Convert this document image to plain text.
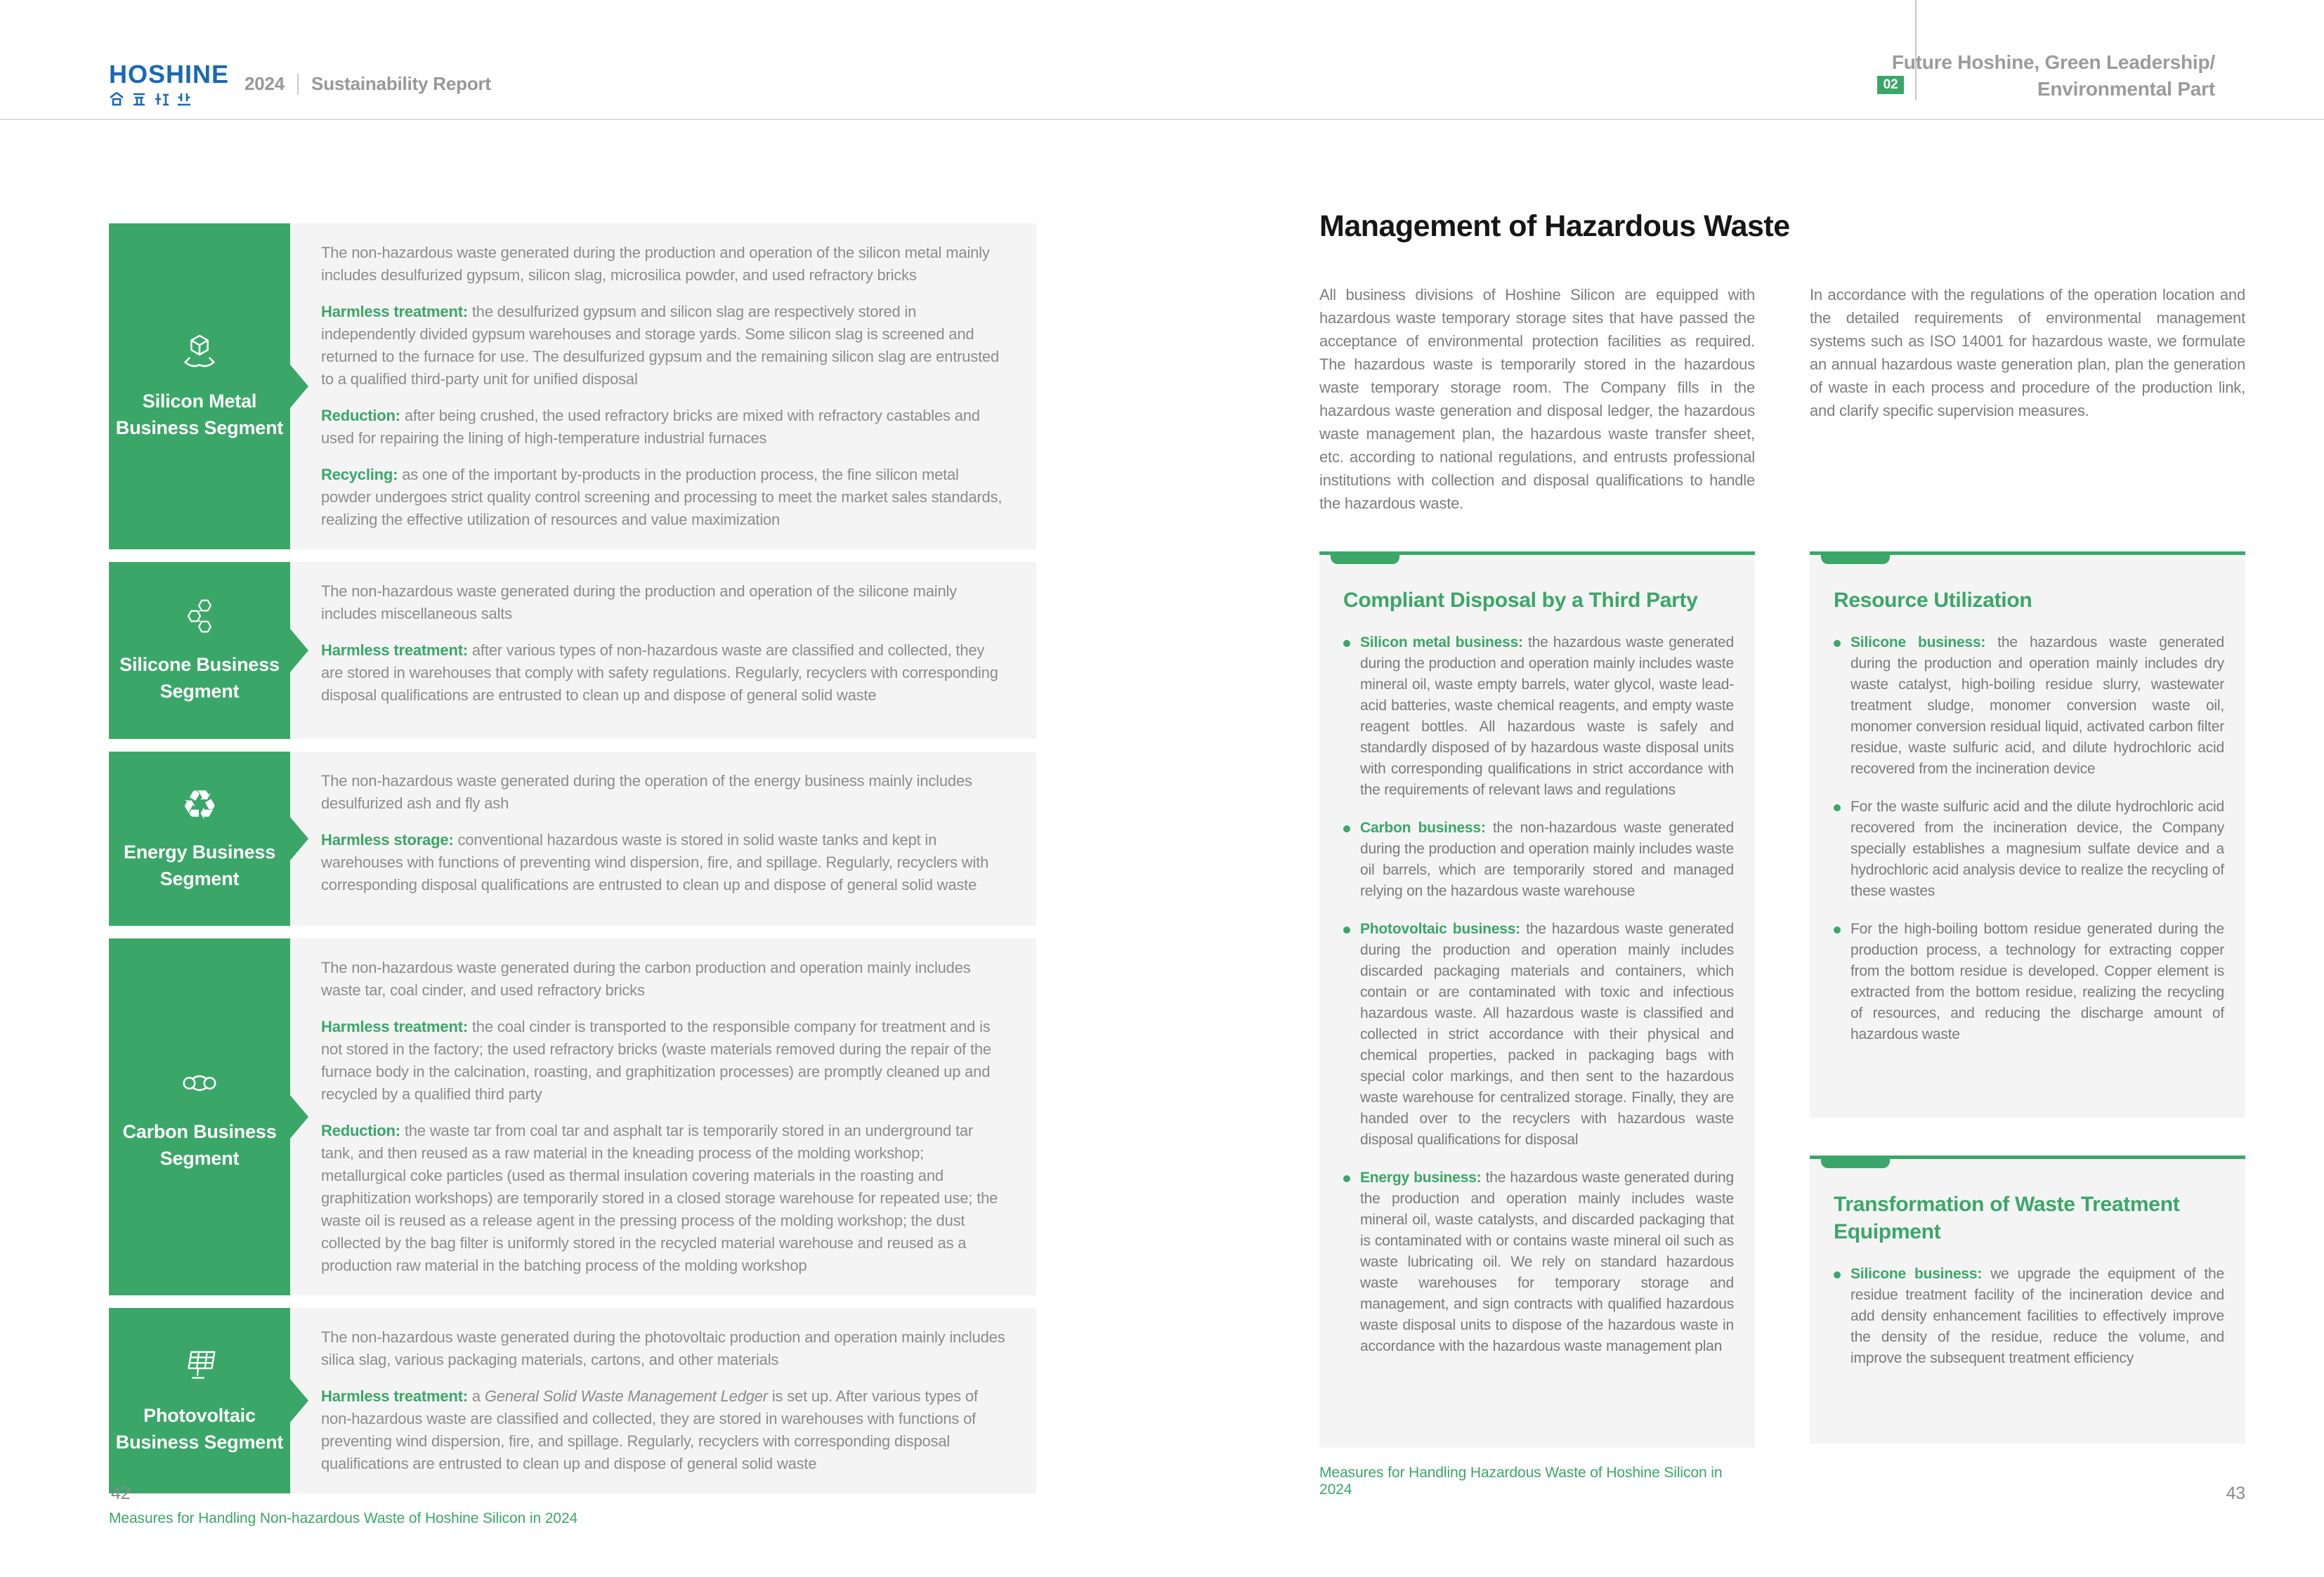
HOSHINE 2024 Sustainability Report	02
Future Hoshine, Green Leadership/
Environmental Part
Silicon Metal
Business Segment

The non-hazardous waste generated during the production and operation of the silicon metal mainly includes desulfurized gypsum, silicon slag, microsilica powder, and used refractory bricks

Harmless treatment: the desulfurized gypsum and silicon slag are respectively stored in independently divided gypsum warehouses and storage yards. Some silicon slag is screened and returned to the furnace for use. The desulfurized gypsum and the remaining silicon slag are entrusted to a qualified third-party unit for unified disposal

Reduction: after being crushed, the used refractory bricks are mixed with refractory castables and used for repairing the lining of high-temperature industrial furnaces

Recycling: as one of the important by-products in the production process, the fine silicon metal powder undergoes strict quality control screening and processing to meet the market sales standards, realizing the effective utilization of resources and value maximization

Silicone Business
Segment

The non-hazardous waste generated during the production and operation of the silicone mainly includes miscellaneous salts

Harmless treatment: after various types of non-hazardous waste are classified and collected, they are stored in warehouses that comply with safety regulations. Regularly, recyclers with corresponding disposal qualifications are entrusted to clean up and dispose of general solid waste

♻
Energy Business
Segment

The non-hazardous waste generated during the operation of the energy business mainly includes desulfurized ash and fly ash

Harmless storage: conventional hazardous waste is stored in solid waste tanks and kept in warehouses with functions of preventing wind dispersion, fire, and spillage. Regularly, recyclers with corresponding disposal qualifications are entrusted to clean up and dispose of general solid waste

Carbon Business
Segment

The non-hazardous waste generated during the carbon production and operation mainly includes waste tar, coal cinder, and used refractory bricks

Harmless treatment: the coal cinder is transported to the responsible company for treatment and is not stored in the factory; the used refractory bricks (waste materials removed during the repair of the furnace body in the calcination, roasting, and graphitization processes) are promptly cleaned up and recycled by a qualified third party

Reduction: the waste tar from coal tar and asphalt tar is temporarily stored in an underground tar tank, and then reused as a raw material in the kneading process of the molding workshop; metallurgical coke particles (used as thermal insulation covering materials in the roasting and graphitization workshops) are temporarily stored in a closed storage warehouse for repeated use; the waste oil is reused as a release agent in the pressing process of the molding workshop; the dust collected by the bag filter is uniformly stored in the recycled material warehouse and reused as a production raw material in the batching process of the molding workshop

Photovoltaic
Business Segment

The non-hazardous waste generated during the photovoltaic production and operation mainly includes silica slag, various packaging materials, cartons, and other materials

Harmless treatment: a General Solid Waste Management Ledger is set up. After various types of non-hazardous waste are classified and collected, they are stored in warehouses with functions of preventing wind dispersion, fire, and spillage. Regularly, recyclers with corresponding disposal qualifications are entrusted to clean up and dispose of general solid waste

Measures for Handling Non-hazardous Waste of Hoshine Silicon in 2024

Management of Hazardous Waste

All business divisions of Hoshine Silicon are equipped with hazardous waste temporary storage sites that have passed the acceptance of environmental protection facilities as required. The hazardous waste is temporarily stored in the hazardous waste temporary storage room. The Company fills in the hazardous waste generation and disposal ledger, the hazardous waste management plan, the hazardous waste transfer sheet, etc. according to national regulations, and entrusts professional institutions with collection and disposal qualifications to handle the hazardous waste.

In accordance with the regulations of the operation location and the detailed requirements of environmental management systems such as ISO 14001 for hazardous waste, we formulate an annual hazardous waste generation plan, plan the generation of waste in each process and procedure of the production link, and clarify specific supervision measures.

Compliant Disposal by a Third Party

Silicon metal business: the hazardous waste generated during the production and operation mainly includes waste mineral oil, waste empty barrels, water glycol, waste lead-acid batteries, waste chemical reagents, and empty waste reagent bottles. All hazardous waste is safely and standardly disposed of by hazardous waste disposal units with corresponding qualifications in strict accordance with the requirements of relevant laws and regulations

Carbon business: the non-hazardous waste generated during the production and operation mainly includes waste oil barrels, which are temporarily stored and managed relying on the hazardous waste warehouse

Photovoltaic business: the hazardous waste generated during the production and operation mainly includes discarded packaging materials and containers, which contain or are contaminated with toxic and infectious hazardous waste. All hazardous waste is classified and collected in strict accordance with their physical and chemical properties, packed in packaging bags with special color markings, and then sent to the hazardous waste warehouse for centralized storage. Finally, they are handed over to the recyclers with hazardous waste disposal qualifications for disposal

Energy business: the hazardous waste generated during the production and operation mainly includes waste mineral oil, waste catalysts, and discarded packaging that is contaminated with or contains waste mineral oil such as waste lubricating oil. We rely on standard hazardous waste warehouses for temporary storage and management, and sign contracts with qualified hazardous waste disposal units to dispose of the hazardous waste in accordance with the hazardous waste management plan

Measures for Handling Hazardous Waste of Hoshine Silicon in 2024

Resource Utilization

Silicone business: the hazardous waste generated during the production and operation mainly includes dry waste catalyst, high-boiling residue slurry, wastewater treatment sludge, monomer conversion waste oil, monomer conversion residual liquid, activated carbon filter residue, waste sulfuric acid, and dilute hydrochloric acid recovered from the incineration device

For the waste sulfuric acid and the dilute hydrochloric acid recovered from the incineration device, the Company specially establishes a magnesium sulfate device and a hydrochloric acid analysis device to realize the recycling of these wastes

For the high-boiling bottom residue generated during the production process, a technology for extracting copper from the bottom residue is developed. Copper element is extracted from the bottom residue, realizing the recycling of resources, and reducing the discharge amount of hazardous waste

Transformation of Waste Treatment Equipment

Silicone business: we upgrade the equipment of the residue treatment facility of the incineration device and add density enhancement facilities to effectively improve the density of the residue, reduce the volume, and improve the subsequent treatment efficiency

42	43
